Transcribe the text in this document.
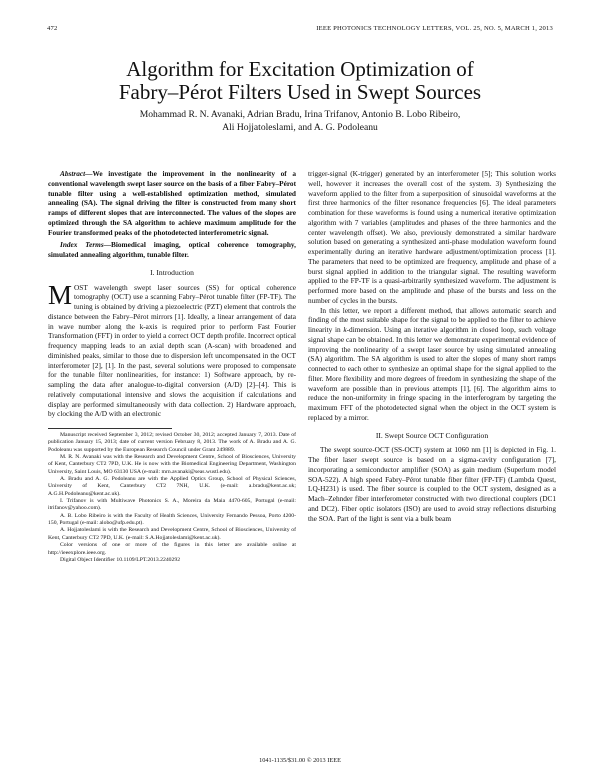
472	IEEE PHOTONICS TECHNOLOGY LETTERS, VOL. 25, NO. 5, MARCH 1, 2013
Algorithm for Excitation Optimization of
Fabry–Pérot Filters Used in Swept Sources
Mohammad R. N. Avanaki, Adrian Bradu, Irina Trifanov, Antonio B. Lobo Ribeiro,
Ali Hojjatoleslami, and A. G. Podoleanu

Abstract—We investigate the improvement in the nonlinearity of a conventional wavelength swept laser source on the basis of a fiber Fabry–Pérot tunable filter using a well-established optimization method, simulated annealing (SA). The signal driving the filter is constructed from many short ramps of different slopes that are interconnected. The values of the slopes are optimized through the SA algorithm to achieve maximum amplitude for the Fourier transformed peaks of the photodetected interferometric signal.

Index Terms—Biomedical imaging, optical coherence tomography, simulated annealing algorithm, tunable filter.

I. Introduction

MOST wavelength swept laser sources (SS) for optical coherence tomography (OCT) use a scanning Fabry–Pérot tunable filter (FP-TF). The tuning is obtained by driving a piezoelectric (PZT) element that controls the distance between the Fabry–Pérot mirrors [1]. Ideally, a linear arrangement of data in wave number along the k-axis is required prior to perform Fast Fourier Transformation (FFT) in order to yield a correct OCT depth profile. Incorrect optical frequency mapping leads to an axial depth scan (A-scan) with broadened and diminished peaks, similar to those due to dispersion left uncompensated in the OCT interferometer [2], [1]. In the past, several solutions were proposed to compensate for the tunable filter nonlinearities, for instance: 1) Software approach, by re-sampling the data after analogue-to-digital conversion (A/D) [2]–[4]. This is relatively computational intensive and slows the acquisition if calculations and display are performed simultaneously with data collection. 2) Hardware approach, by clocking the A/D with an electronic

Manuscript received September 3, 2012; revised October 30, 2012; accepted January 7, 2013. Date of publication January 15, 2013; date of current version February 8, 2013. The work of A. Bradu and A. G. Podoleanu was supported by the European Research Council under Grant 249889.

M. R. N. Avanaki was with the Research and Development Centre, School of Biosciences, University of Kent, Canterbury CT2 7PD, U.K. He is now with the Biomedical Engineering Department, Washington University, Saint Louis, MO 63130 USA (e-mail: mrn.avanaki@seas.wustl.edu).

A. Bradu and A. G. Podoleanu are with the Applied Optics Group, School of Physical Sciences, University of Kent, Canterbury CT2 7NH, U.K. (e-mail: a.bradu@kent.ac.uk; A.G.H.Podoleanu@kent.ac.uk).

I. Trifanov is with Multiwave Photonics S. A., Moreira da Maia 4470-605, Portugal (e-mail: itrifanov@yahoo.com).

A. B. Lobo Ribeiro is with the Faculty of Health Sciences, University Fernando Pessoa, Porto 4200-150, Portugal (e-mail: alobo@ufp.edu.pt).

A. Hojjatoleslami is with the Research and Development Centre, School of Biosciences, University of Kent, Canterbury CT2 7PD, U.K. (e-mail: S.A.Hojjatoleslami@kent.ac.uk).

Color versions of one or more of the figures in this letter are available online at http://ieeexplore.ieee.org.

Digital Object Identifier 10.1109/LPT.2013.2240292

trigger-signal (K-trigger) generated by an interferometer [5]; This solution works well, however it increases the overall cost of the system. 3) Synthesizing the waveform applied to the filter from a superposition of sinusoidal waveforms at the first three harmonics of the filter resonance frequencies [6]. The ideal parameters combination for these waveforms is found using a numerical iterative optimization algorithm with 7 variables (amplitudes and phases of the three harmonics and the center wavelength offset). We also, previously demonstrated a similar hardware solution based on generating a synthesized anti-phase modulation waveform found experimentally during an iterative hardware adjustment/optimization process [1]. The parameters that need to be optimized are frequency, amplitude and phase of a burst signal applied in addition to the triangular signal. The resulting waveform applied to the FP-TF is a quasi-arbitrarily synthesized waveform. The adjustment is performed more based on the amplitude and phase of the bursts and less on the number of cycles in the bursts.

In this letter, we report a different method, that allows automatic search and finding of the most suitable shape for the signal to be applied to the filter to achieve linearity in k-dimension. Using an iterative algorithm in closed loop, such voltage signal shape can be obtained. In this letter we demonstrate experimental evidence of improving the nonlinearity of a swept laser source by using simulated annealing (SA) algorithm. The SA algorithm is used to alter the slopes of many short ramps connected to each other to synthesize an optimal shape for the signal applied to the filter. More flexibility and more degrees of freedom in synthesizing the shape of the waveform are possible than in previous attempts [1], [6]. The algorithm aims to reduce the non-uniformity in fringe spacing in the interferogram by targeting the maximum FFT of the photodetected signal when the object in the OCT system is replaced by a mirror.

II. Swept Source OCT Configuration

The swept source-OCT (SS-OCT) system at 1060 nm [1] is depicted in Fig. 1. The fiber laser swept source is based on a sigma-cavity configuration [7], incorporating a semiconductor amplifier (SOA) as gain medium (Superlum model SOA-522). A high speed Fabry–Pérot tunable fiber filter (FP-TF) (Lambda Quest, LQ-H231) is used. The fiber source is coupled to the OCT system, designed as a Mach–Zehnder fiber interferometer constructed with two directional couplers (DC1 and DC2). Fiber optic isolators (ISO) are used to avoid stray reflections disturbing the SOA. Part of the light is sent via a bulk beam

1041-1135/$31.00 © 2013 IEEE
